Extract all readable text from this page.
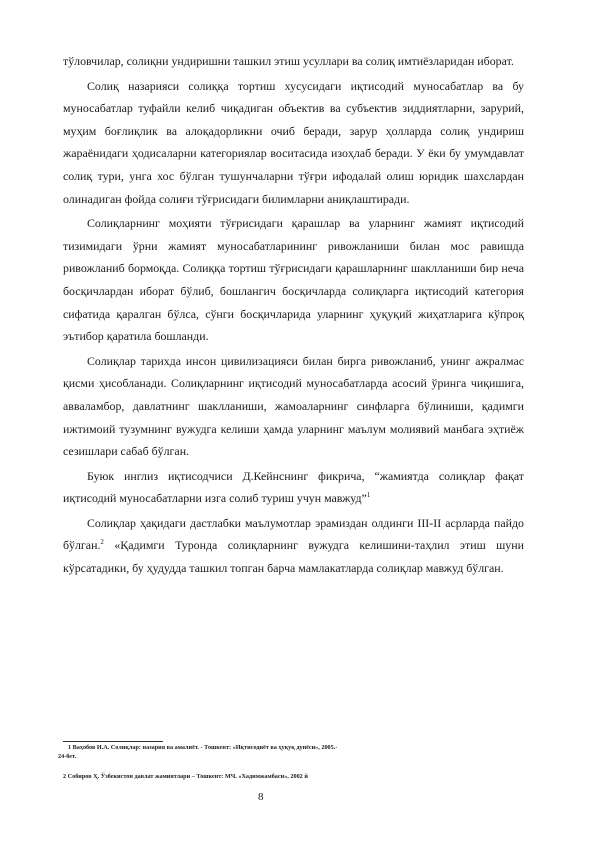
тўловчилар, солиқни ундиришни ташкил этиш усуллари ва солиқ имтиёзларидан иборат.

Солиқ назарияси солиққа тортиш хусусидаги иқтисодий муносабатлар ва бу муносабатлар туфайли келиб чиқадиган объектив ва субъектив зиддиятларни, зарурий, муҳим боғлиқлик ва алоқадорликни очиб беради, зарур ҳолларда солиқ ундириш жараёнидаги ҳодисаларни категориялар воситасида изоҳлаб беради. У ёки бу умумдавлат солиқ тури, унга хос бўлган тушунчаларни тўғри ифодалай олиш юридик шахслардан олинадиган фойда солиғи тўғрисидаги билимларни аниқлаштиради.

Солиқларнинг моҳияти тўғрисидаги қарашлар ва уларнинг жамият иқтисодий тизимидаги ўрни жамият муносабатларининг ривожланиши билан мос равишда ривожланиб бормоқда. Солиққа тортиш тўғрисидаги қарашларнинг шаклланиши бир неча босқичлардан иборат бўлиб, бошлангич босқичларда солиқларга иқтисодий категория сифатида қаралган бўлса, сўнги босқичларида уларнинг ҳуқуқий жиҳатларига кўпроқ эътибор қаратила бошланди.

Солиқлар тарихда инсон цивилизацияси билан бирга ривожланиб, унинг ажралмас қисми ҳисобланади. Солиқларнинг иқтисодий муносабатларда асосий ўринга чиқишига, авваламбор, давлатнинг шаклланиши, жамоаларнинг синфларга бўлиниши, қадимги ижтимоий тузумнинг вужудга келиши ҳамда уларнинг маълум молиявий манбага эҳтиёж сезишлари сабаб бўлган.

Буюк инглиз иқтисодчиси Д.Кейнснинг фикрича, “жамиятда солиқлар фақат иқтисодий муносабатларни изга солиб туриш учун мавжуд”$^1$

Солиқлар ҳақидаги дастлабки маълумотлар эрамиздан олдинги III-II асрларда пайдо бўлган.$^2$ «Қадимги Туронда солиқларнинг вужудга келишини-таҳлил этиш шуни кўрсатадики, бу ҳудудда ташкил топган барча мамлакатларда солиқлар мавжуд бўлган.

1 Ваҳобов И.А. Солиқлар: назария ва амалиёт. - Тошкент: «Иқтисодиёт ва ҳуқуқ дунёси», 2005.-
24-бет.
2 Собиров Ҳ. Ўзбекистон давлат жамиятлари – Тошкент: МЧ. «Хадимжамбаси», 2002 й
8
